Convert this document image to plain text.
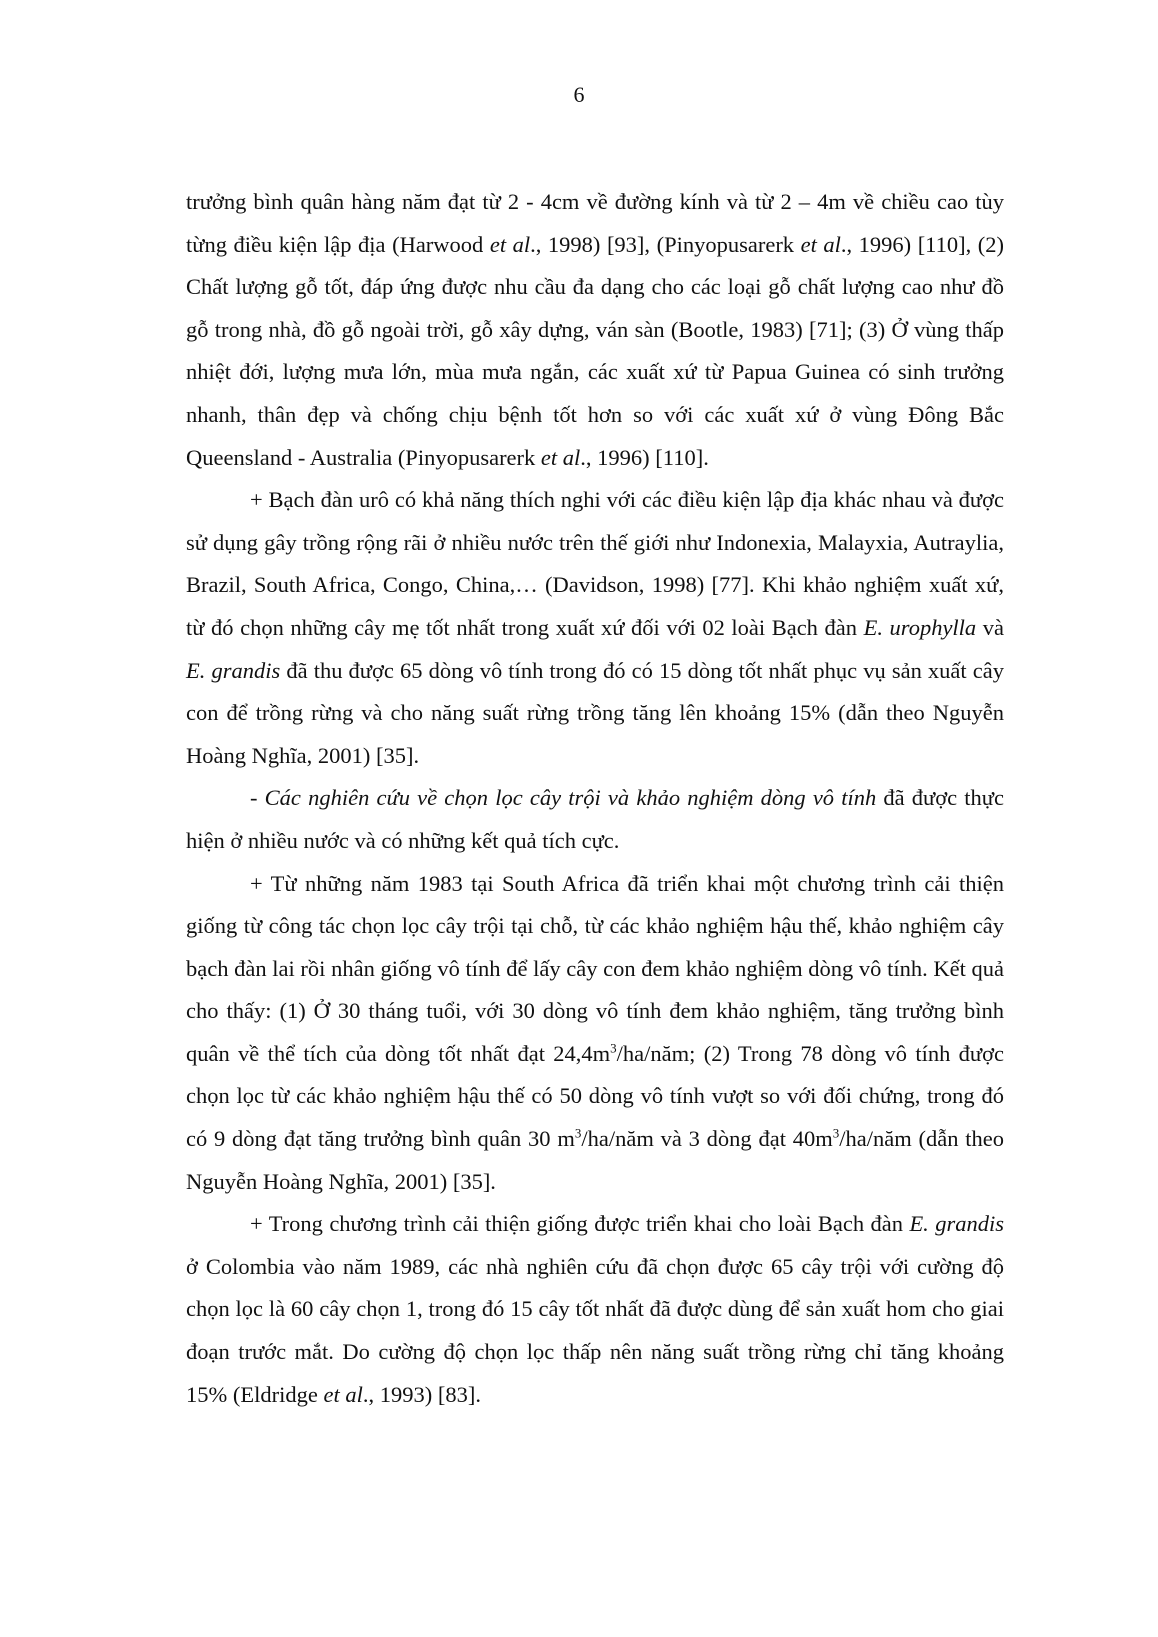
6

trưởng bình quân hàng năm đạt từ 2 - 4cm về đường kính và từ 2 – 4m về chiều cao tùy từng điều kiện lập địa (Harwood et al., 1998) [93], (Pinyopusarerk et al., 1996) [110], (2) Chất lượng gỗ tốt, đáp ứng được nhu cầu đa dạng cho các loại gỗ chất lượng cao như đồ gỗ trong nhà, đồ gỗ ngoài trời, gỗ xây dựng, ván sàn (Bootle, 1983) [71]; (3) Ở vùng thấp nhiệt đới, lượng mưa lớn, mùa mưa ngắn, các xuất xứ từ Papua Guinea có sinh trưởng nhanh, thân đẹp và chống chịu bệnh tốt hơn so với các xuất xứ ở vùng Đông Bắc Queensland - Australia (Pinyopusarerk et al., 1996) [110].

+ Bạch đàn urô có khả năng thích nghi với các điều kiện lập địa khác nhau và được sử dụng gây trồng rộng rãi ở nhiều nước trên thế giới như Indonexia, Malayxia, Autraylia, Brazil, South Africa, Congo, China,… (Davidson, 1998) [77]. Khi khảo nghiệm xuất xứ, từ đó chọn những cây mẹ tốt nhất trong xuất xứ đối với 02 loài Bạch đàn E. urophylla và E. grandis đã thu được 65 dòng vô tính trong đó có 15 dòng tốt nhất phục vụ sản xuất cây con để trồng rừng và cho năng suất rừng trồng tăng lên khoảng 15% (dẫn theo Nguyễn Hoàng Nghĩa, 2001) [35].

- Các nghiên cứu về chọn lọc cây trội và khảo nghiệm dòng vô tính đã được thực hiện ở nhiều nước và có những kết quả tích cực.

+ Từ những năm 1983 tại South Africa đã triển khai một chương trình cải thiện giống từ công tác chọn lọc cây trội tại chỗ, từ các khảo nghiệm hậu thế, khảo nghiệm cây bạch đàn lai rồi nhân giống vô tính để lấy cây con đem khảo nghiệm dòng vô tính. Kết quả cho thấy: (1) Ở 30 tháng tuổi, với 30 dòng vô tính đem khảo nghiệm, tăng trưởng bình quân về thể tích của dòng tốt nhất đạt $24,4m^3/ha$/năm; (2) Trong 78 dòng vô tính được chọn lọc từ các khảo nghiệm hậu thế có 50 dòng vô tính vượt so với đối chứng, trong đó có 9 dòng đạt tăng trưởng bình quân 30 $m^3/ha$/năm và 3 dòng đạt $40m^3/ha$/năm (dẫn theo Nguyễn Hoàng Nghĩa, 2001) [35].

+ Trong chương trình cải thiện giống được triển khai cho loài Bạch đàn E. grandis ở Colombia vào năm 1989, các nhà nghiên cứu đã chọn được 65 cây trội với cường độ chọn lọc là 60 cây chọn 1, trong đó 15 cây tốt nhất đã được dùng để sản xuất hom cho giai đoạn trước mắt. Do cường độ chọn lọc thấp nên năng suất trồng rừng chỉ tăng khoảng 15% (Eldridge et al., 1993) [83].
